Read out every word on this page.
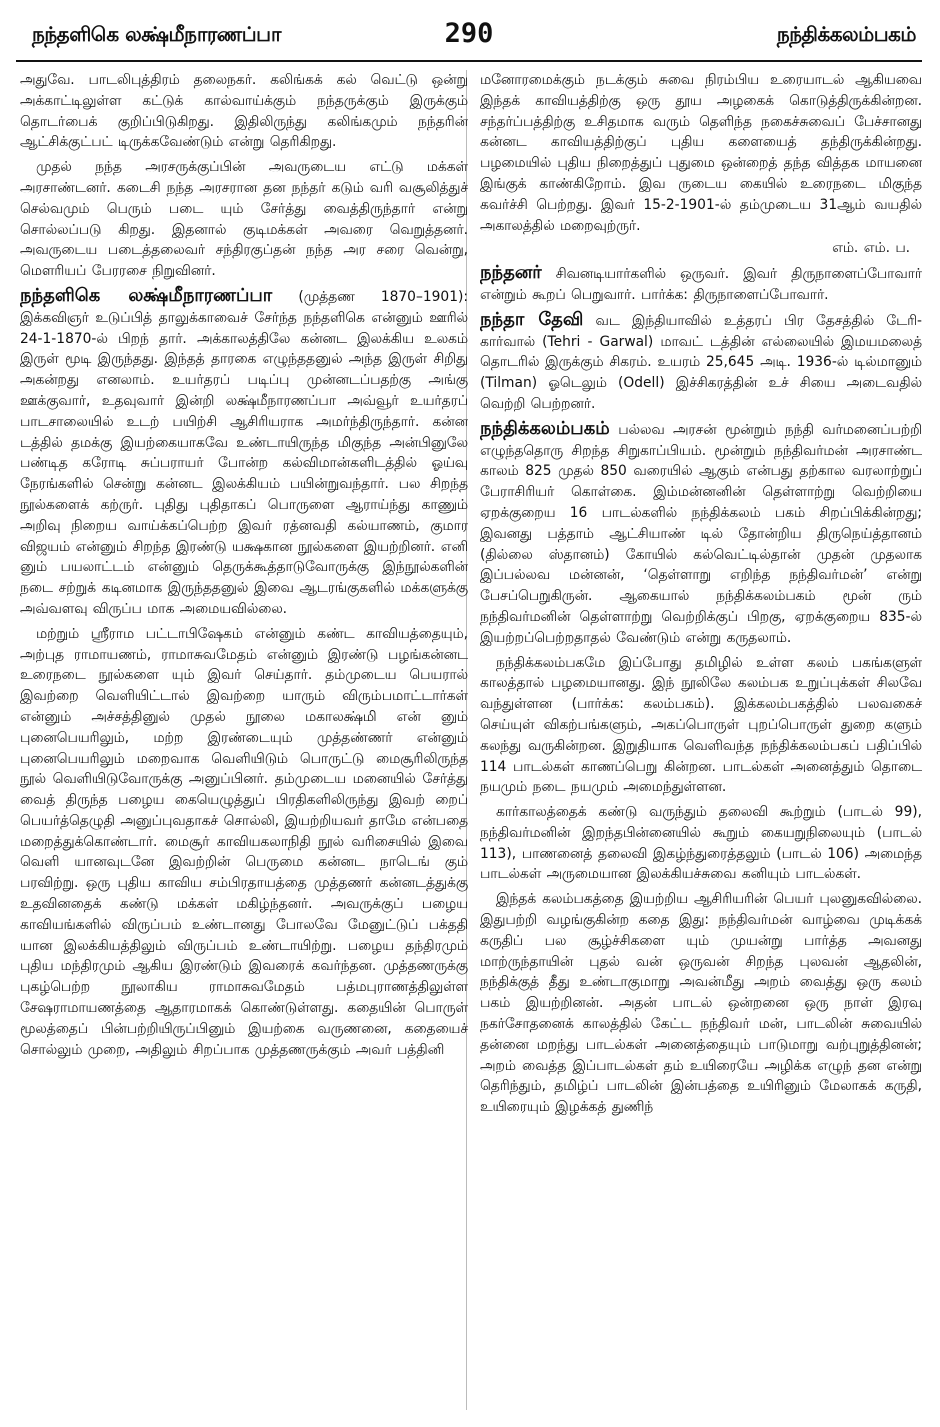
நந்தளிகெ லக்ஷ்மீநாரணப்பா	290	நந்திக்கலம்பகம்

அதுவே. பாடலிபுத்திரம் தலைநகர். கலிங்கக் கல் வெட்டு ஒன்று அக்காட்டிலுள்ள கட்டுக் கால்வாய்க்கும் நந்தருக்கும் இருக்கும் தொடர்பைக் குறிப்பிடுகிறது. இதிலிருந்து கலிங்கமும் நந்தரின் ஆட்சிக்குட்பட் டிருக்கவேண்டும் என்று தெரிகிறது.

முதல் நந்த அரசருக்குப்பின் அவருடைய எட்டு மக்கள் அரசாண்டனர். கடைசி நந்த அரசரான தன நந்தர் கடும் வரி வசூலித்துச் செல்வமும் பெரும் படை யும் சேர்த்து வைத்திருந்தார் என்று சொல்லப்படு கிறது. இதனால் குடிமக்கள் அவரை வெறுத்தனர். அவருடைய படைத்தலைவர் சந்திரகுப்தன் நந்த அர சரை வென்று, மௌரியப் பேரரசை நிறுவினர்.

நந்தளிகெ லக்ஷ்மீநாரணப்பா (முத்தண 1870–1901): இக்கவிஞர் உடுப்பித் தாலுக்காவைச் சேர்ந்த நந்தளிகெ என்னும் ஊரில் 24-1-1870-ல் பிறந் தார். அக்காலத்திலே கன்னட இலக்கிய உலகம் இருள் மூடி இருந்தது. இந்தத் தாரகை எழுந்ததனுல் அந்த இருள் சிறிது அகன்றது எனலாம். உயர்தரப் படிப்பு முன்னடப்பதற்கு அங்கு ஊக்குவார், உதவுவார் இன்றி லக்ஷ்மீநாரணப்பா அவ்வூர் உயர்தரப் பாடசாலையில் உடற் பயிற்சி ஆசிரியராக அமர்ந்திருந்தார். கன்ன டத்தில் தமக்கு இயற்கையாகவே உண்டாயிருந்த மிகுந்த அன்பினுலே பண்டித கரோடி சுப்பராயர் போன்ற கல்விமான்களிடத்தில் ஓய்வு நேரங்களில் சென்று கன்னட இலக்கியம் பயின்றுவந்தார். பல சிறந்த நூல்களைக் கற்ருர். புதிது புதிதாகப் பொருளை ஆராய்ந்து காணும் அறிவு நிறைய வாய்க்கப்பெற்ற இவர் ரத்னவதி கல்யாணம், குமார விஜயம் என்னும் சிறந்த இரண்டு யக்ஷகான நூல்களை இயற்றினர். எனி னும் பயலாட்டம் என்னும் தெருக்கூத்தாடுவோருக்கு இந்நூல்களின் நடை சற்றுக் கடினமாக இருந்ததனுல் இவை ஆடரங்குகளில் மக்களுக்கு அவ்வளவு விருப்ப மாக அமையவில்லை.

மற்றும் ஸ்ரீராம பட்டாபிஷேகம் என்னும் கண்ட காவியத்தையும், அற்புத ராமாயணம், ராமாசுவமேதம் என்னும் இரண்டு பழங்கன்னட உரைநடை நூல்களை யும் இவர் செய்தார். தம்முடைய பெயரால் இவற்றை வெளியிட்டால் இவற்றை யாரும் விரும்பமாட்டார்கள் என்னும் அச்சத்தினுல் முதல் நூலை மகாலக்ஷ்மி என் னும் புனைபெயரிலும், மற்ற இரண்டையும் முத்தண்ணர் என்னும் புனைபெயரிலும் மறைவாக வெளியிடும் பொருட்டு மைசூரிலிருந்த நூல் வெளியிடுவோருக்கு அனுப்பினர். தம்முடைய மனையில் சேர்த்து வைத் திருந்த பழைய கையெழுத்துப் பிரதிகளிலிருந்து இவற் றைப் பெயர்த்தெழுதி அனுப்புவதாகச் சொல்லி, இயற்றியவர் தாமே என்பதை மறைத்துக்கொண்டார். மைசூர் காவியகலாநிதி நூல் வரிசையில் இவை வெளி யானவுடனே இவற்றின் பெருமை கன்னட நாடெங் கும் பரவிற்று. ஒரு புதிய காவிய சம்பிரதாயத்தை முத்தணர் கன்னடத்துக்கு உதவினதைக் கண்டு மக்கள் மகிழ்ந்தனர். அவருக்குப் பழைய காவியங்களில் விருப்பம் உண்டானது போலவே மேனுட்டுப் பக்ததி யான இலக்கியத்திலும் விருப்பம் உண்டாயிற்று. பழைய தந்திரமும் புதிய மந்திரமும் ஆகிய இரண்டும் இவரைக் கவர்ந்தன. முத்தணருக்கு புகழ்பெற்ற நூலாகிய ராமாசுவமேதம் பத்மபுராணத்திலுள்ள சேஷராமாயணத்தை ஆதாரமாகக் கொண்டுள்ளது. கதையின் பொருள் மூலத்தைப் பின்பற்றியிருப்பினும் இயற்கை வருணனை, கதையைச் சொல்லும் முறை, அதிலும் சிறப்பாக முத்தணருக்கும் அவர் பத்தினி

மனோரமைக்கும் நடக்கும் சுவை நிரம்பிய உரையாடல் ஆகியவை இந்தக் காவியத்திற்கு ஒரு தூய அழகைக் கொடுத்திருக்கின்றன. சந்தர்ப்பத்திற்கு உசிதமாக வரும் தெளிந்த நகைச்சுவைப் பேச்சானது கன்னட காவியத்திற்குப் புதிய களையைத் தந்திருக்கின்றது. பழமையில் புதிய நிறைத்துப் புதுமை ஒன்றைத் தந்த வித்தக மாயனை இங்குக் காண்கிறோம். இவ ருடைய கையில் உரைநடை மிகுந்த கவர்ச்சி பெற்றது. இவர் 15-2-1901-ல் தம்முடைய 31ஆம் வயதில் அகாலத்தில் மறைவுற்ருர்.

எம். எம். ப.

நந்தனர் சிவனடியார்களில் ஒருவர். இவர் திருநாளைப்போவார் என்றும் கூறப் பெறுவார். பார்க்க: திருநாளைப்போவார்.

நந்தா தேவி வட இந்தியாவில் உத்தரப் பிர தேசத்தில் டேரி-கார்வால் (Tehri - Garwal) மாவட் டத்தின் எல்லையில் இமயமலைத் தொடரில் இருக்கும் சிகரம். உயரம் 25,645 அடி. 1936-ல் டில்மானும் (Tilman) ஓடெலும் (Odell) இச்சிகரத்தின் உச் சியை அடைவதில் வெற்றி பெற்றனர்.

நந்திக்கலம்பகம் பல்லவ அரசன் மூன்றும் நந்தி வர்மனைப்பற்றி எழுந்ததொரு சிறந்த சிறுகாப்பியம். மூன்றும் நந்திவர்மன் அரசாண்ட காலம் 825 முதல் 850 வரையில் ஆகும் என்பது தற்கால வரலாற்றுப் பேராசிரியர் கொள்கை. இம்மன்னனின் தெள்ளாற்று வெற்றியை ஏறக்குறைய 16 பாடல்களில் நந்திக்கலம் பகம் சிறப்பிக்கின்றது; இவனது பத்தாம் ஆட்சியாண் டில் தோன்றிய திருநெய்த்தானம் (தில்லை ஸ்தானம்) கோயில் கல்வெட்டில்தான் முதன் முதலாக இப்பல்லவ மன்னன், ‘தெள்ளாறு எறிந்த நந்திவர்மன்’ என்று பேசப்பெறுகிருன். ஆகையால் நந்திக்கலம்பகம் மூன் ரும் நந்திவர்மனின் தெள்ளாற்று வெற்றிக்குப் பிறகு, ஏறக்குறைய 835-ல் இயற்றப்பெற்றதாதல் வேண்டும் என்று கருதலாம்.

நந்திக்கலம்பகமே இப்போது தமிழில் உள்ள கலம் பகங்களுள் காலத்தால் பழமையானது. இந் நூலிலே கலம்பக உறுப்புக்கள் சிலவே வந்துள்ளன (பார்க்க: கலம்பகம்). இக்கலம்பகத்தில் பலவகைச் செய்யுள் விகற்பங்களும், அகப்பொருள் புறப்பொருள் துறை களும் கலந்து வருகின்றன. இறுதியாக வெளிவந்த நந்திக்கலம்பகப் பதிப்பில் 114 பாடல்கள் காணப்பெறு கின்றன. பாடல்கள் அனைத்தும் தொடை நயமும் நடை நயமும் அமைந்துள்ளன.

கார்காலத்தைக் கண்டு வருந்தும் தலைவி கூற்றும் (பாடல் 99), நந்திவர்மனின் இறந்தபின்னையில் கூறும் கையறுநிலையும் (பாடல் 113), பாணனைத் தலைவி இகழ்ந்துரைத்தலும் (பாடல் 106) அமைந்த பாடல்கள் அருமையான இலக்கியச்சுவை கனியும் பாடல்கள்.

இந்தக் கலம்பகத்தை இயற்றிய ஆசிரியரின் பெயர் புலனுகவில்லை. இதுபற்றி வழங்குகின்ற கதை இது: நந்திவர்மன் வாழ்வை முடிக்கக் கருதிப் பல சூழ்ச்சிகளை யும் முயன்று பார்த்த அவனது மாற்ருந்தாயின் புதல் வன் ஒருவன் சிறந்த புலவன் ஆதலின், நந்திக்குத் தீது உண்டாகுமாறு அவன்மீது அறம் வைத்து ஒரு கலம் பகம் இயற்றினன். அதன் பாடல் ஒன்றனை ஒரு நாள் இரவு நகர்சோதனைக் காலத்தில் கேட்ட நந்திவர் மன், பாடலின் சுவையில் தன்னை மறந்து பாடல்கள் அனைத்தையும் பாடுமாறு வற்புறுத்தினன்; அறம் வைத்த இப்பாடல்கள் தம் உயிரையே அழிக்க எழுந் தன என்று தெரிந்தும், தமிழ்ப் பாடலின் இன்பத்தை உயிரினும் மேலாகக் கருதி, உயிரையும் இழக்கத் துணிந்
